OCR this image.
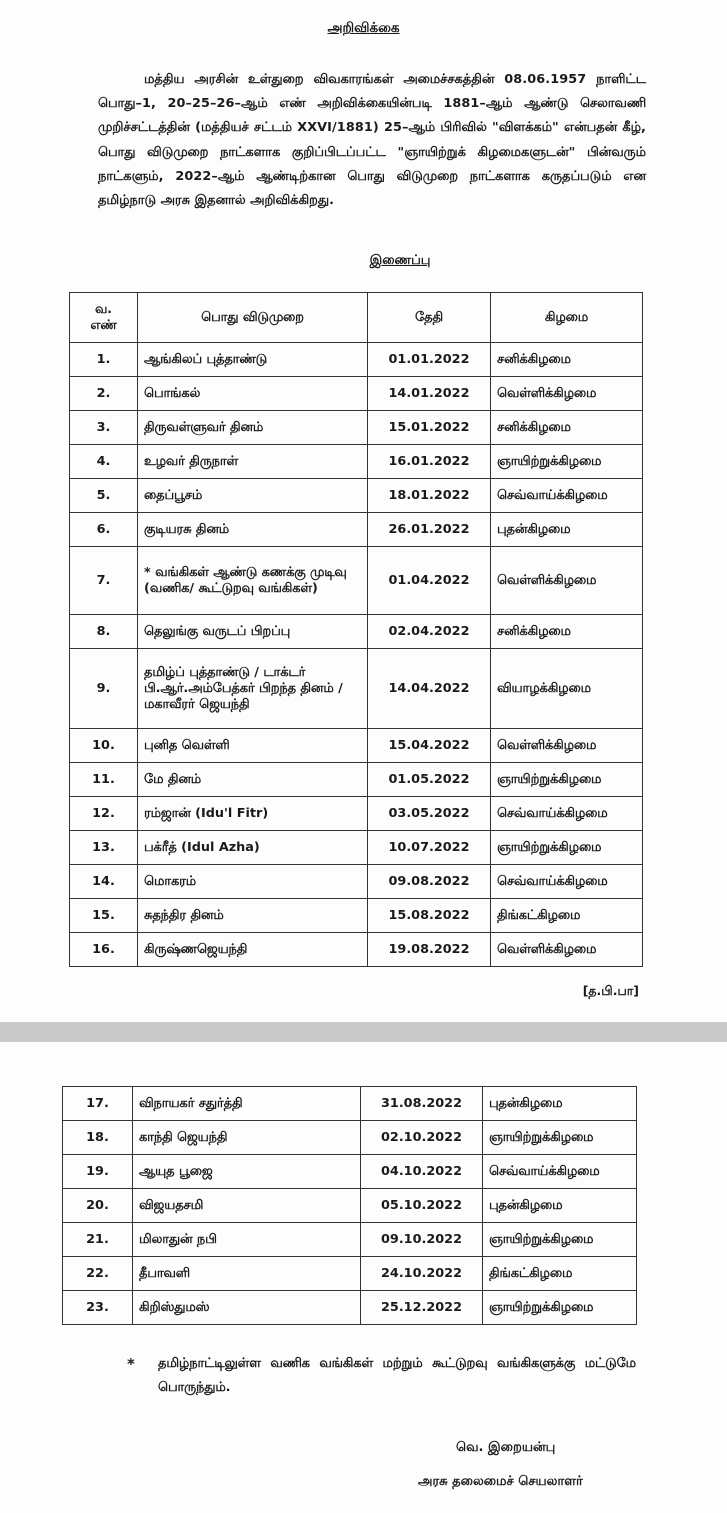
அறிவிக்கை
மத்திய அரசின் உள்துறை விவகாரங்கள் அமைச்சகத்தின் 08.06.1957 நாளிட்ட பொது–1, 20–25–26–ஆம் எண் அறிவிக்கையின்படி 1881–ஆம் ஆண்டு செலாவணி முறிச்சட்டத்தின் (மத்தியச் சட்டம் XXVI/1881) 25–ஆம் பிரிவில் "விளக்கம்" என்பதன் கீழ், பொது விடுமுறை நாட்களாக குறிப்பிடப்பட்ட "ஞாயிற்றுக் கிழமைகளுடன்" பின்வரும் நாட்களும், 2022–ஆம் ஆண்டிற்கான பொது விடுமுறை நாட்களாக கருதப்படும் என தமிழ்நாடு அரசு இதனால் அறிவிக்கிறது.
இணைப்பு
வ.
எண்	பொது விடுமுறை	தேதி	கிழமை
1.	ஆங்கிலப் புத்தாண்டு	01.01.2022	சனிக்கிழமை
2.	பொங்கல்	14.01.2022	வெள்ளிக்கிழமை
3.	திருவள்ளுவர் தினம்	15.01.2022	சனிக்கிழமை
4.	உழவர் திருநாள்	16.01.2022	ஞாயிற்றுக்கிழமை
5.	தைப்பூசம்	18.01.2022	செவ்வாய்க்கிழமை
6.	குடியரசு தினம்	26.01.2022	புதன்கிழமை
7.	* வங்கிகள் ஆண்டு கணக்கு முடிவு (வணிக/ கூட்டுறவு வங்கிகள்)	01.04.2022	வெள்ளிக்கிழமை
8.	தெலுங்கு வருடப் பிறப்பு	02.04.2022	சனிக்கிழமை
9.	தமிழ்ப் புத்தாண்டு / டாக்டர் பி.ஆர்.அம்பேத்கர் பிறந்த தினம் / மகாவீரர் ஜெயந்தி	14.04.2022	வியாழக்கிழமை
10.	புனித வெள்ளி	15.04.2022	வெள்ளிக்கிழமை
11.	மே தினம்	01.05.2022	ஞாயிற்றுக்கிழமை
12.	ரம்ஜான் (Idu'l Fitr)	03.05.2022	செவ்வாய்க்கிழமை
13.	பக்ரீத் (Idul Azha)	10.07.2022	ஞாயிற்றுக்கிழமை
14.	மொகரம்	09.08.2022	செவ்வாய்க்கிழமை
15.	சுதந்திர தினம்	15.08.2022	திங்கட்கிழமை
16.	கிருஷ்ணஜெயந்தி	19.08.2022	வெள்ளிக்கிழமை
[த.பி.பா]
17.	விநாயகர் சதுர்த்தி	31.08.2022	புதன்கிழமை
18.	காந்தி ஜெயந்தி	02.10.2022	ஞாயிற்றுக்கிழமை
19.	ஆயுத பூஜை	04.10.2022	செவ்வாய்க்கிழமை
20.	விஜயதசமி	05.10.2022	புதன்கிழமை
21.	மிலாதுன் நபி	09.10.2022	ஞாயிற்றுக்கிழமை
22.	தீபாவளி	24.10.2022	திங்கட்கிழமை
23.	கிறிஸ்துமஸ்	25.12.2022	ஞாயிற்றுக்கிழமை
* தமிழ்நாட்டிலுள்ள வணிக வங்கிகள் மற்றும் கூட்டுறவு வங்கிகளுக்கு மட்டுமே பொருந்தும்.
வெ. இறையன்பு
அரசு தலைமைச் செயலாளர்
